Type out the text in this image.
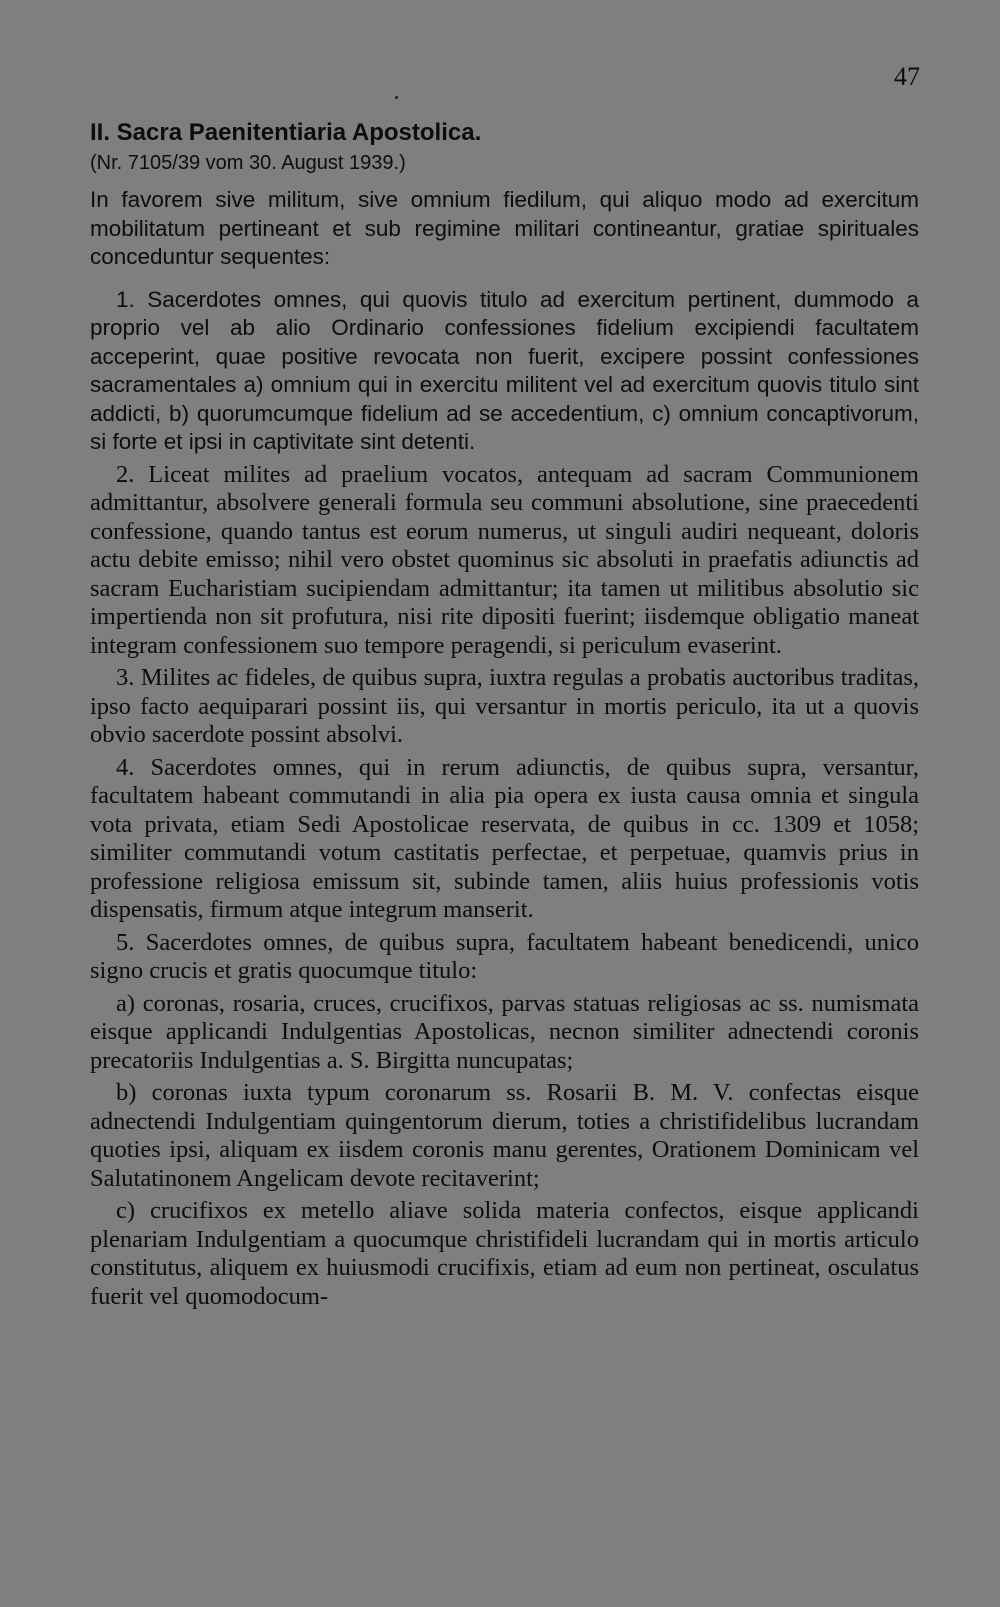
47

II. Sacra Paenitentiaria Apostolica.

(Nr. 7105/39 vom 30. August 1939.)

In favorem sive militum, sive omnium fiedilum, qui aliquo modo ad exercitum mobilitatum pertineant et sub regimine militari contineantur, gratiae spirituales conceduntur sequentes:

1. Sacerdotes omnes, qui quovis titulo ad exercitum pertinent, dummodo a proprio vel ab alio Ordinario confessiones fidelium excipiendi facultatem acceperint, quae positive revocata non fuerit, excipere possint confessiones sacramentales a) omnium qui in exercitu militent vel ad exercitum quovis titulo sint addicti, b) quorumcumque fidelium ad se accedentium, c) omnium concaptivorum, si forte et ipsi in captivitate sint detenti.

2. Liceat milites ad praelium vocatos, antequam ad sacram Communionem admittantur, absolvere generali formula seu communi absolutione, sine praecedenti confessione, quando tantus est eorum numerus, ut singuli audiri nequeant, doloris actu debite emisso; nihil vero obstet quominus sic absoluti in praefatis adiunctis ad sacram Eucharistiam sucipiendam admittantur; ita tamen ut militibus absolutio sic impertienda non sit profutura, nisi rite dipositi fuerint; iisdemque obligatio maneat integram confessionem suo tempore peragendi, si periculum evaserint.

3. Milites ac fideles, de quibus supra, iuxtra regulas a probatis auctoribus traditas, ipso facto aequiparari possint iis, qui versantur in mortis periculo, ita ut a quovis obvio sacerdote possint absolvi.

4. Sacerdotes omnes, qui in rerum adiunctis, de quibus supra, versantur, facultatem habeant commutandi in alia pia opera ex iusta causa omnia et singula vota privata, etiam Sedi Apostolicae reservata, de quibus in cc. 1309 et 1058; similiter commutandi votum castitatis perfectae, et perpetuae, quamvis prius in professione religiosa emissum sit, subinde tamen, aliis huius professionis votis dispensatis, firmum atque integrum manserit.

5. Sacerdotes omnes, de quibus supra, facultatem habeant benedicendi, unico signo crucis et gratis quocumque titulo:

a) coronas, rosaria, cruces, crucifixos, parvas statuas religiosas ac ss. numismata eisque applicandi Indulgentias Apostolicas, necnon similiter adnectendi coronis precatoriis Indulgentias a. S. Birgitta nuncupatas;

b) coronas iuxta typum coronarum ss. Rosarii B. M. V. confectas eisque adnectendi Indulgentiam quingentorum dierum, toties a christifidelibus lucrandam quoties ipsi, aliquam ex iisdem coronis manu gerentes, Orationem Dominicam vel Salutatinonem Angelicam devote recitaverint;

c) crucifixos ex metello aliave solida materia confectos, eisque applicandi plenariam Indulgentiam a quocumque christifideli lucrandam qui in mortis articulo constitutus, aliquem ex huiusmodi crucifixis, etiam ad eum non pertineat, osculatus fuerit vel quomodocum-
